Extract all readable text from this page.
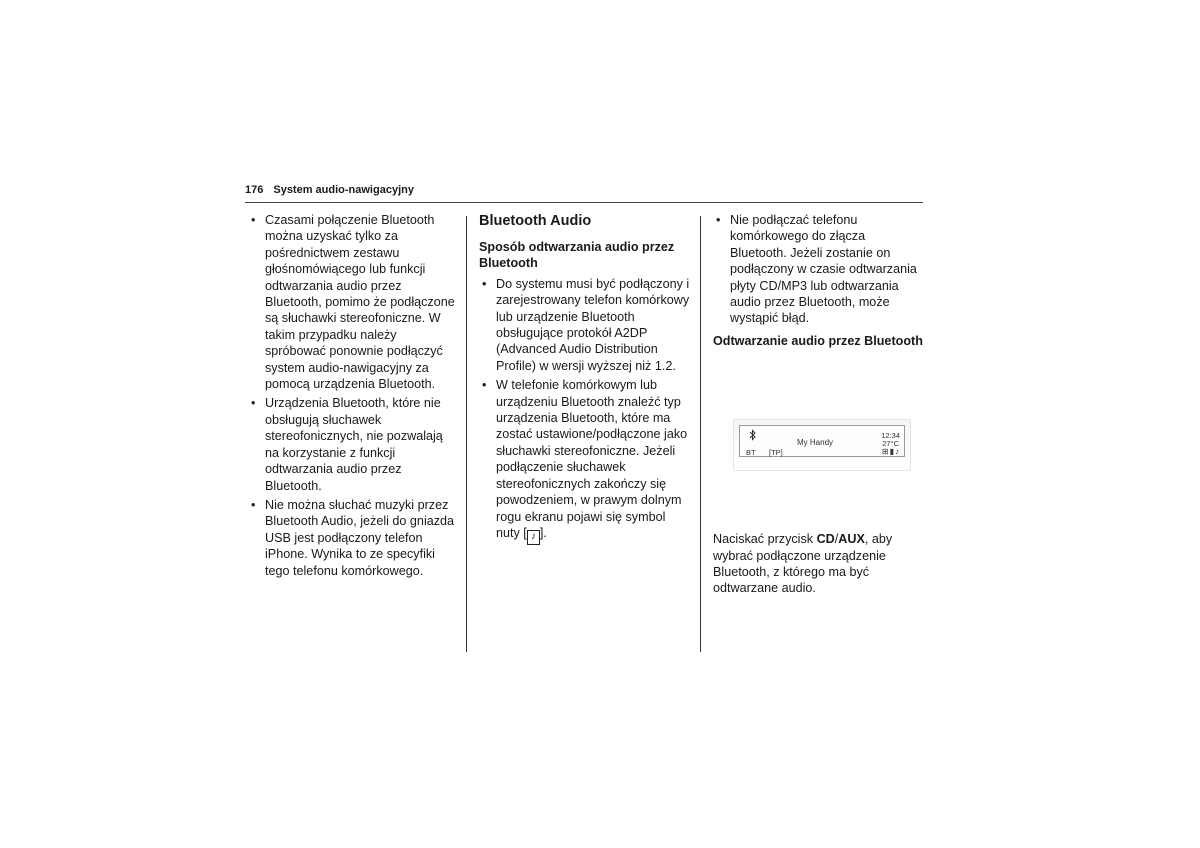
176 System audio-nawigacyjny
• Czasami połączenie Bluetooth można uzyskać tylko za pośrednictwem zestawu głośnomówiącego lub funkcji odtwarzania audio przez Bluetooth, pomimo że podłączone są słuchawki stereofoniczne. W takim przypadku należy spróbować ponownie podłączyć system audio-nawigacyjny za pomocą urządzenia Bluetooth.
• Urządzenia Bluetooth, które nie obsługują słuchawek stereofonicznych, nie pozwalają na korzystanie z funkcji odtwarzania audio przez Bluetooth.
• Nie można słuchać muzyki przez Bluetooth Audio, jeżeli do gniazda USB jest podłączony telefon iPhone. Wynika to ze specyfiki tego telefonu komórkowego.
Bluetooth Audio
Sposób odtwarzania audio przez Bluetooth
• Do systemu musi być podłączony i zarejestrowany telefon komórkowy lub urządzenie Bluetooth obsługujące protokół A2DP (Advanced Audio Distribution Profile) w wersji wyższej niż 1.2.
• W telefonie komórkowym lub urządzeniu Bluetooth znaleźć typ urządzenia Bluetooth, które ma zostać ustawione/podłączone jako słuchawki stereofoniczne. Jeżeli podłączenie słuchawek stereofonicznych zakończy się powodzeniem, w prawym dolnym rogu ekranu pojawi się symbol nuty [ ♪ ].
• Nie podłączać telefonu komórkowego do złącza Bluetooth. Jeżeli zostanie on podłączony w czasie odtwarzania płyty CD/MP3 lub odtwarzania audio przez Bluetooth, może wystąpić błąd.
Odtwarzanie audio przez Bluetooth
My Handy
12:34
27°C
BT [TP]	⊞▮♪

Naciskać przycisk CD/AUX, aby wybrać podłączone urządzenie Bluetooth, z którego ma być odtwarzane audio.
